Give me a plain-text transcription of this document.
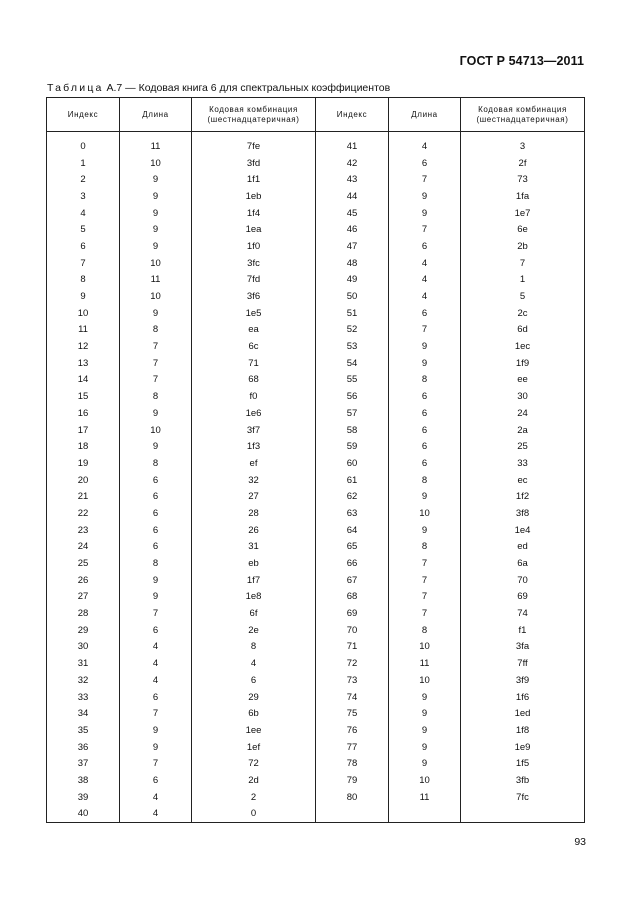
ГОСТ Р 54713—2011
Таблица А.7 — Кодовая книга 6 для спектральных коэффициентов
Индекс	Длина	Кодовая комбинация (шестнадцатеричная)	Индекс	Длина	Кодовая комбинация (шестнадцатеричная)
0	11	7fe	41	4	3
1	10	3fd	42	6	2f
2	9	1f1	43	7	73
3	9	1eb	44	9	1fa
4	9	1f4	45	9	1e7
5	9	1ea	46	7	6e
6	9	1f0	47	6	2b
7	10	3fc	48	4	7
8	11	7fd	49	4	1
9	10	3f6	50	4	5
10	9	1e5	51	6	2c
11	8	ea	52	7	6d
12	7	6c	53	9	1ec
13	7	71	54	9	1f9
14	7	68	55	8	ee
15	8	f0	56	6	30
16	9	1e6	57	6	24
17	10	3f7	58	6	2a
18	9	1f3	59	6	25
19	8	ef	60	6	33
20	6	32	61	8	ec
21	6	27	62	9	1f2
22	6	28	63	10	3f8
23	6	26	64	9	1e4
24	6	31	65	8	ed
25	8	eb	66	7	6a
26	9	1f7	67	7	70
27	9	1e8	68	7	69
28	7	6f	69	7	74
29	6	2e	70	8	f1
30	4	8	71	10	3fa
31	4	4	72	11	7ff
32	4	6	73	10	3f9
33	6	29	74	9	1f6
34	7	6b	75	9	1ed
35	9	1ee	76	9	1f8
36	9	1ef	77	9	1e9
37	7	72	78	9	1f5
38	6	2d	79	10	3fb
39	4	2	80	11	7fc
40	4	0			
93
